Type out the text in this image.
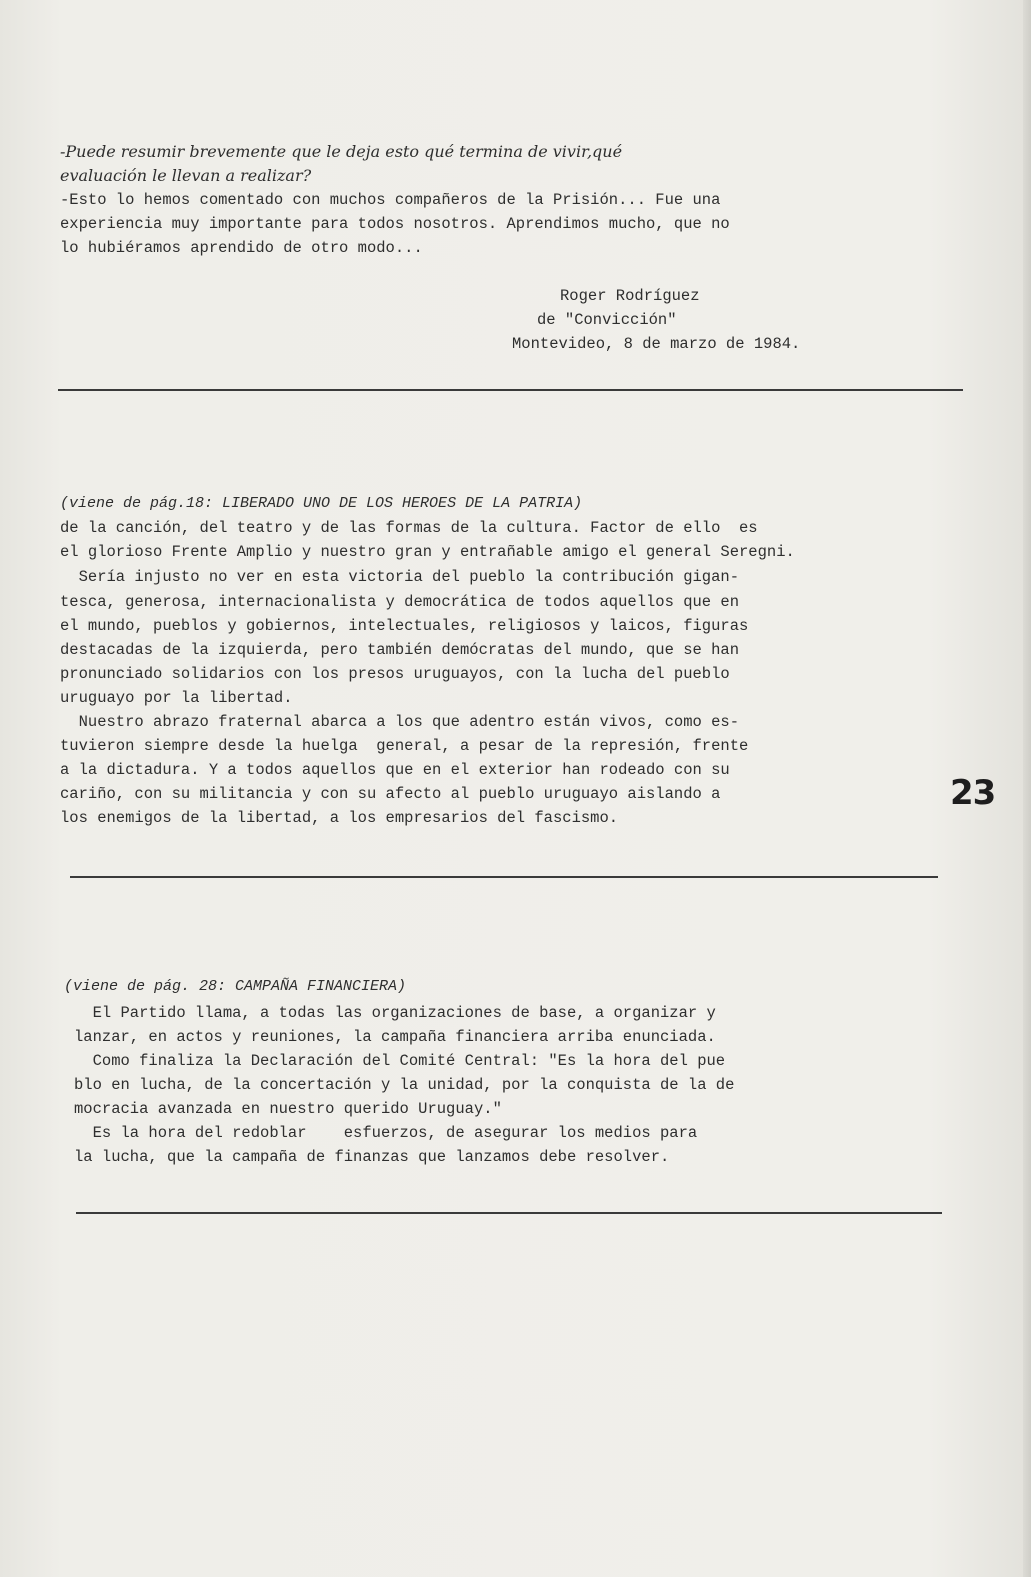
-Puede resumir brevemente que le deja esto qué termina de vivir,qué
evaluación le llevan a realizar?
-Esto lo hemos comentado con muchos compañeros de la Prisión... Fue una
experiencia muy importante para todos nosotros. Aprendimos mucho, que no
lo hubiéramos aprendido de otro modo...
Roger Rodríguez
de "Convicción"
Montevideo, 8 de marzo de 1984.
(viene de pág.18: LIBERADO UNO DE LOS HEROES DE LA PATRIA)
de la canción, del teatro y de las formas de la cultura. Factor de ello  es
el glorioso Frente Amplio y nuestro gran y entrañable amigo el general Seregni.
Sería injusto no ver en esta victoria del pueblo la contribución gigan-
tesca, generosa, internacionalista y democrática de todos aquellos que en
el mundo, pueblos y gobiernos, intelectuales, religiosos y laicos, figuras
destacadas de la izquierda, pero también demócratas del mundo, que se han
pronunciado solidarios con los presos uruguayos, con la lucha del pueblo
uruguayo por la libertad.
Nuestro abrazo fraternal abarca a los que adentro están vivos, como es-
tuvieron siempre desde la huelga  general, a pesar de la represión, frente
a la dictadura. Y a todos aquellos que en el exterior han rodeado con su
cariño, con su militancia y con su afecto al pueblo uruguayo aislando a
los enemigos de la libertad, a los empresarios del fascismo.
23
(viene de pág. 28: CAMPAÑA FINANCIERA)
El Partido llama, a todas las organizaciones de base, a organizar y
lanzar, en actos y reuniones, la campaña financiera arriba enunciada.
Como finaliza la Declaración del Comité Central: "Es la hora del pue
blo en lucha, de la concertación y la unidad, por la conquista de la de
mocracia avanzada en nuestro querido Uruguay."
Es la hora del redoblar    esfuerzos, de asegurar los medios para
la lucha, que la campaña de finanzas que lanzamos debe resolver.
